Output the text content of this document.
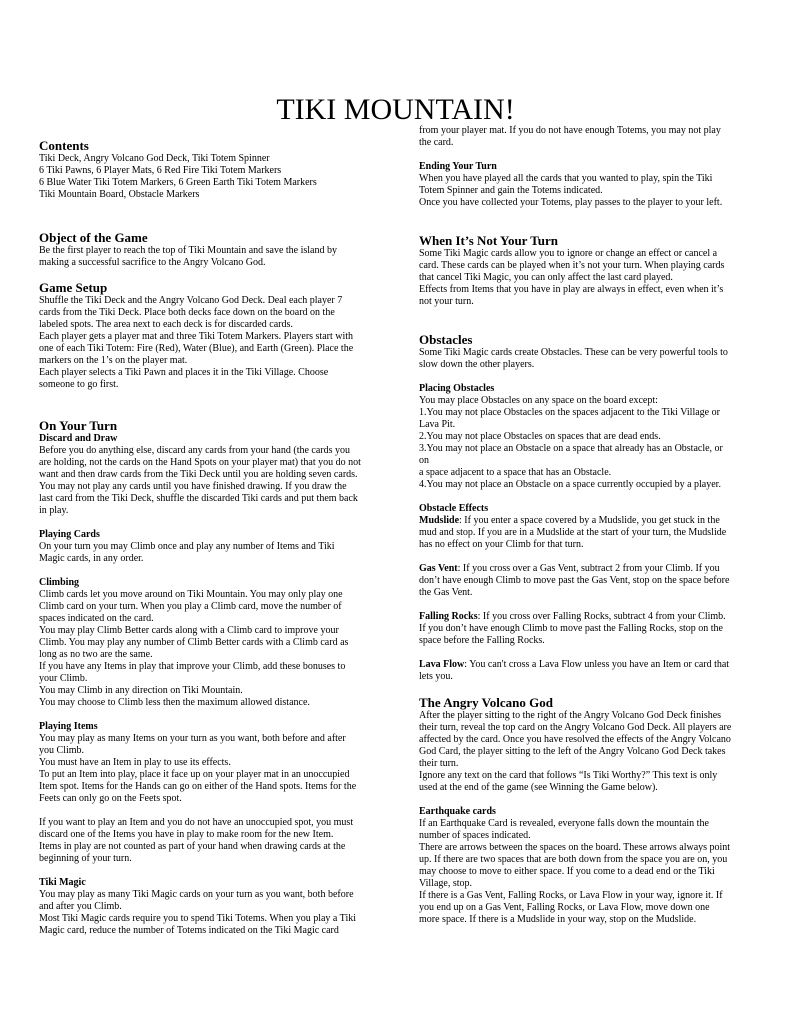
TIKI MOUNTAIN!
Contents
Tiki Deck, Angry Volcano God Deck, Tiki Totem Spinner
6 Tiki Pawns, 6 Player Mats, 6 Red Fire Tiki Totem Markers
6 Blue Water Tiki Totem Markers, 6 Green Earth Tiki Totem Markers
Tiki Mountain Board, Obstacle Markers
Object of the Game
Be the first player to reach the top of Tiki Mountain and save the island by
making a successful sacrifice to the Angry Volcano God.
Game Setup
Shuffle the Tiki Deck and the Angry Volcano God Deck. Deal each player 7
cards from the Tiki Deck. Place both decks face down on the board on the
labeled spots. The area next to each deck is for discarded cards.
Each player gets a player mat and three Tiki Totem Markers. Players start with
one of each Tiki Totem: Fire (Red), Water (Blue), and Earth (Green). Place the
markers on the 1’s on the player mat.
Each player selects a Tiki Pawn and places it in the Tiki Village. Choose
someone to go first.
On Your Turn
Discard and Draw
Before you do anything else, discard any cards from your hand (the cards you
are holding, not the cards on the Hand Spots on your player mat) that you do not
want and then draw cards from the Tiki Deck until you are holding seven cards.
You may not play any cards until you have finished drawing. If you draw the
last card from the Tiki Deck, shuffle the discarded Tiki cards and put them back
in play.
Playing Cards
On your turn you may Climb once and play any number of Items and Tiki
Magic cards, in any order.
Climbing
Climb cards let you move around on Tiki Mountain. You may only play one
Climb card on your turn. When you play a Climb card, move the number of
spaces indicated on the card.
You may play Climb Better cards along with a Climb card to improve your
Climb. You may play any number of Climb Better cards with a Climb card as
long as no two are the same.
If you have any Items in play that improve your Climb, add these bonuses to
your Climb.
You may Climb in any direction on Tiki Mountain.
You may choose to Climb less then the maximum allowed distance.
Playing Items
You may play as many Items on your turn as you want, both before and after
you Climb.
You must have an Item in play to use its effects.
To put an Item into play, place it face up on your player mat in an unoccupied
Item spot. Items for the Hands can go on either of the Hand spots. Items for the
Feets can only go on the Feets spot.
If you want to play an Item and you do not have an unoccupied spot, you must
discard one of the Items you have in play to make room for the new Item.
Items in play are not counted as part of your hand when drawing cards at the
beginning of your turn.
Tiki Magic
You may play as many Tiki Magic cards on your turn as you want, both before
and after you Climb.
Most Tiki Magic cards require you to spend Tiki Totems. When you play a Tiki
Magic card, reduce the number of Totems indicated on the Tiki Magic card
from your player mat. If you do not have enough Totems, you may not play
the card.
Ending Your Turn
When you have played all the cards that you wanted to play, spin the Tiki
Totem Spinner and gain the Totems indicated.
Once you have collected your Totems, play passes to the player to your left.
When It’s Not Your Turn
Some Tiki Magic cards allow you to ignore or change an effect or cancel a
card. These cards can be played when it’s not your turn. When playing cards
that cancel Tiki Magic, you can only affect the last card played.
Effects from Items that you have in play are always in effect, even when it’s
not your turn.
Obstacles
Some Tiki Magic cards create Obstacles. These can be very powerful tools to
slow down the other players.
Placing Obstacles
You may place Obstacles on any space on the board except:
1.You may not place Obstacles on the spaces adjacent to the Tiki Village or
Lava Pit.
2.You may not place Obstacles on spaces that are dead ends.
3.You may not place an Obstacle on a space that already has an Obstacle, or
on
a space adjacent to a space that has an Obstacle.
4.You may not place an Obstacle on a space currently occupied by a player.
Obstacle Effects
Mudslide: If you enter a space covered by a Mudslide, you get stuck in the
mud and stop. If you are in a Mudslide at the start of your turn, the Mudslide
has no effect on your Climb for that turn.
Gas Vent: If you cross over a Gas Vent, subtract 2 from your Climb. If you
don’t have enough Climb to move past the Gas Vent, stop on the space before
the Gas Vent.
Falling Rocks: If you cross over Falling Rocks, subtract 4 from your Climb.
If you don’t have enough Climb to move past the Falling Rocks, stop on the
space before the Falling Rocks.
Lava Flow: You can't cross a Lava Flow unless you have an Item or card that
lets you.
The Angry Volcano God
After the player sitting to the right of the Angry Volcano God Deck finishes
their turn, reveal the top card on the Angry Volcano God Deck. All players are
affected by the card. Once you have resolved the effects of the Angry Volcano
God Card, the player sitting to the left of the Angry Volcano God Deck takes
their turn.
Ignore any text on the card that follows “Is Tiki Worthy?” This text is only
used at the end of the game (see Winning the Game below).
Earthquake cards
If an Earthquake Card is revealed, everyone falls down the mountain the
number of spaces indicated.
There are arrows between the spaces on the board. These arrows always point
up. If there are two spaces that are both down from the space you are on, you
may choose to move to either space. If you come to a dead end or the Tiki
Village, stop.
If there is a Gas Vent, Falling Rocks, or Lava Flow in your way, ignore it. If
you end up on a Gas Vent, Falling Rocks, or Lava Flow, move down one
more space. If there is a Mudslide in your way, stop on the Mudslide.
